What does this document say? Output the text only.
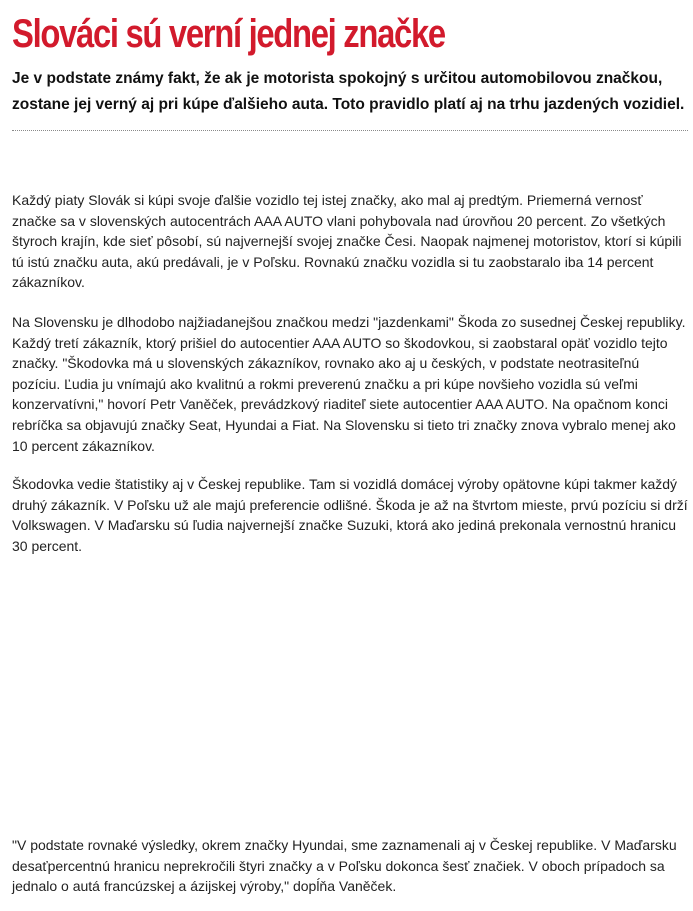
Slováci sú verní jednej značke

Je v podstate známy fakt, že ak je motorista spokojný s určitou automobilovou značkou, zostane jej verný aj pri kúpe ďalšieho auta. Toto pravidlo platí aj na trhu jazdených vozidiel.

Každý piaty Slovák si kúpi svoje ďalšie vozidlo tej istej značky, ako mal aj predtým. Priemerná vernosť značke sa v slovenských autocentrách AAA AUTO vlani pohybovala nad úrovňou 20 percent. Zo všetkých štyroch krajín, kde sieť pôsobí, sú najvernejší svojej značke Česi. Naopak najmenej motoristov, ktorí si kúpili tú istú značku auta, akú predávali, je v Poľsku. Rovnakú značku vozidla si tu zaobstaralo iba 14 percent zákazníkov.

Na Slovensku je dlhodobo najžiadanejšou značkou medzi "jazdenkami" Škoda zo susednej Českej republiky. Každý tretí zákazník, ktorý prišiel do autocentier AAA AUTO so škodovkou, si zaobstaral opäť vozidlo tejto značky. "Škodovka má u slovenských zákazníkov, rovnako ako aj u českých, v podstate neotrasiteľnú pozíciu. Ľudia ju vnímajú ako kvalitnú a rokmi preverenú značku a pri kúpe novšieho vozidla sú veľmi konzervatívni," hovorí Petr Vaněček, prevádzkový riaditeľ siete autocentier AAA AUTO. Na opačnom konci rebríčka sa objavujú značky Seat, Hyundai a Fiat. Na Slovensku si tieto tri značky znova vybralo menej ako 10 percent zákazníkov.

Škodovka vedie štatistiky aj v Českej republike. Tam si vozidlá domácej výroby opätovne kúpi takmer každý druhý zákazník. V Poľsku už ale majú preferencie odlišné. Škoda je až na štvrtom mieste, prvú pozíciu si drží Volkswagen. V Maďarsku sú ľudia najvernejší značke Suzuki, ktorá ako jediná prekonala vernostnú hranicu 30 percent.

"V podstate rovnaké výsledky, okrem značky Hyundai, sme zaznamenali aj v Českej republike. V Maďarsku desaťpercentnú hranicu neprekročili štyri značky a v Poľsku dokonca šesť značiek. V oboch prípadoch sa jednalo o autá francúzskej a ázijskej výroby," dopĺňa Vaněček.
